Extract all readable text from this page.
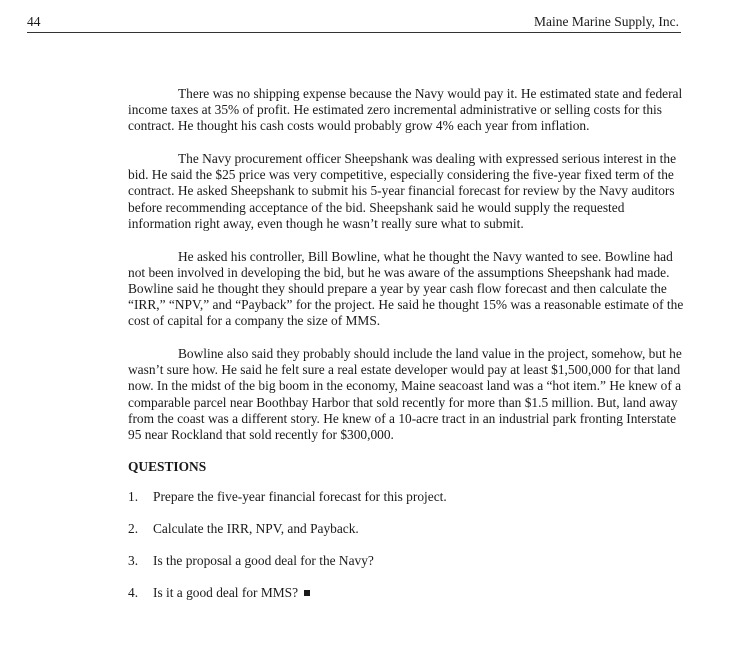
44	Maine Marine Supply, Inc.

There was no shipping expense because the Navy would pay it. He estimated state and federal income taxes at 35% of profit. He estimated zero incremental administrative or selling costs for this contract. He thought his cash costs would probably grow 4% each year from inflation.

The Navy procurement officer Sheepshank was dealing with expressed serious interest in the bid. He said the $25 price was very competitive, especially considering the five-year fixed term of the contract. He asked Sheepshank to submit his 5-year financial forecast for review by the Navy auditors before recommending acceptance of the bid. Sheepshank said he would supply the requested information right away, even though he wasn’t really sure what to submit.

He asked his controller, Bill Bowline, what he thought the Navy wanted to see. Bowline had not been involved in developing the bid, but he was aware of the assumptions Sheepshank had made. Bowline said he thought they should prepare a year by year cash flow forecast and then calculate the “IRR,” “NPV,” and “Payback” for the project. He said he thought 15% was a reasonable estimate of the cost of capital for a company the size of MMS.

Bowline also said they probably should include the land value in the project, somehow, but he wasn’t sure how. He said he felt sure a real estate developer would pay at least $1,500,000 for that land now. In the midst of the big boom in the economy, Maine seacoast land was a “hot item.” He knew of a comparable parcel near Boothbay Harbor that sold recently for more than $1.5 million. But, land away from the coast was a different story. He knew of a 10-acre tract in an industrial park fronting Interstate 95 near Rockland that sold recently for $300,000.

QUESTIONS
1.	Prepare the five-year financial forecast for this project.
2.	Calculate the IRR, NPV, and Payback.
3.	Is the proposal a good deal for the Navy?
4.	Is it a good deal for MMS?
